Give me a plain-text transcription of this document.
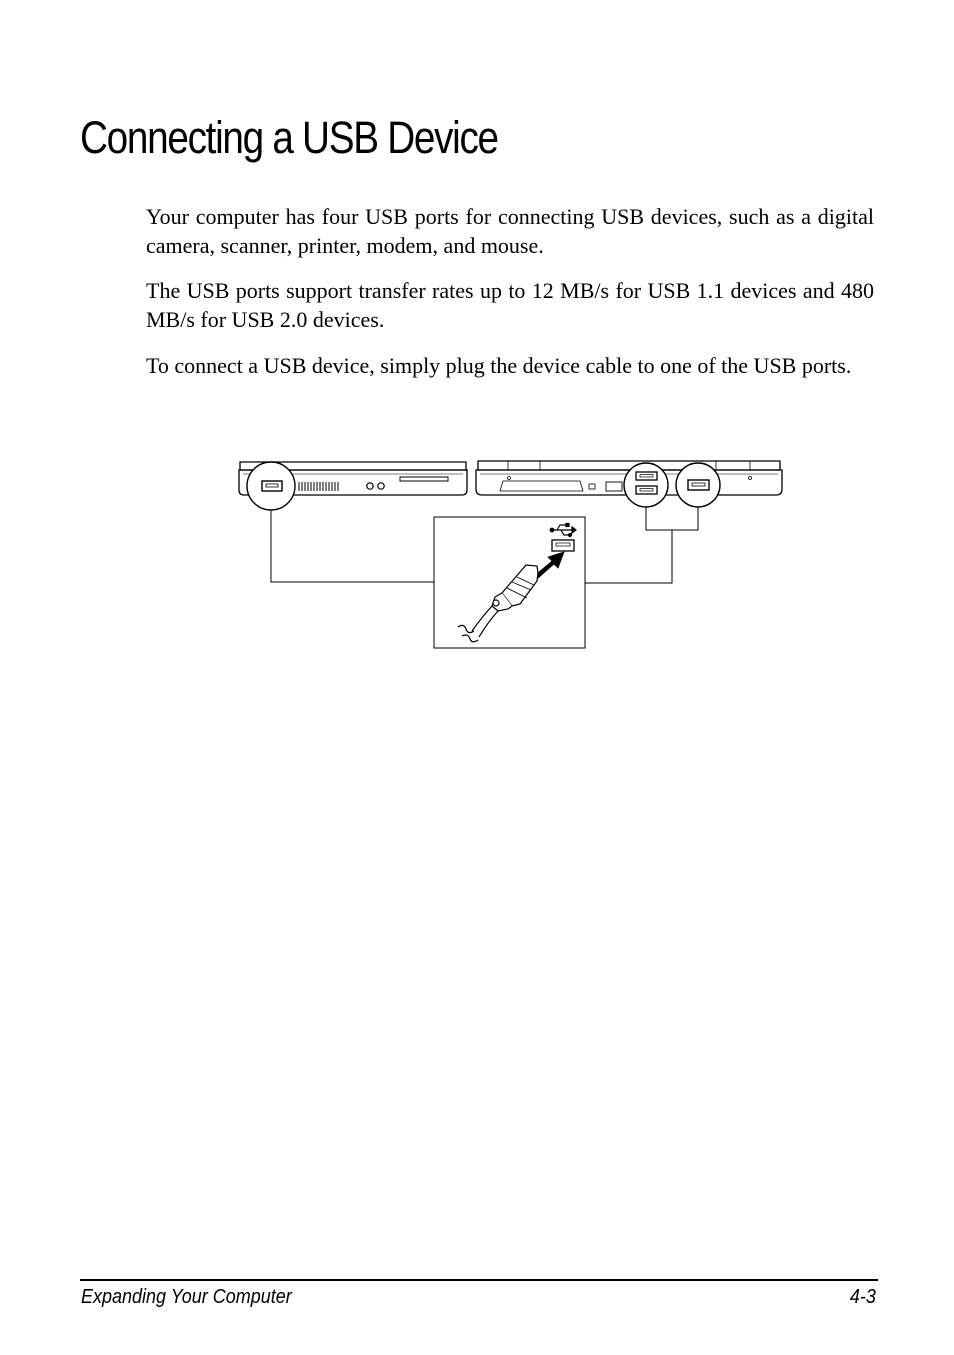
Connecting a USB Device

Your computer has four USB ports for connecting USB devices, such as a digital camera, scanner, printer, modem, and mouse.

The USB ports support transfer rates up to 12 MB/s for USB 1.1 devices and 480 MB/s for USB 2.0 devices.

To connect a USB device, simply plug the device cable to one of the USB ports.

Expanding Your Computer	4-3
